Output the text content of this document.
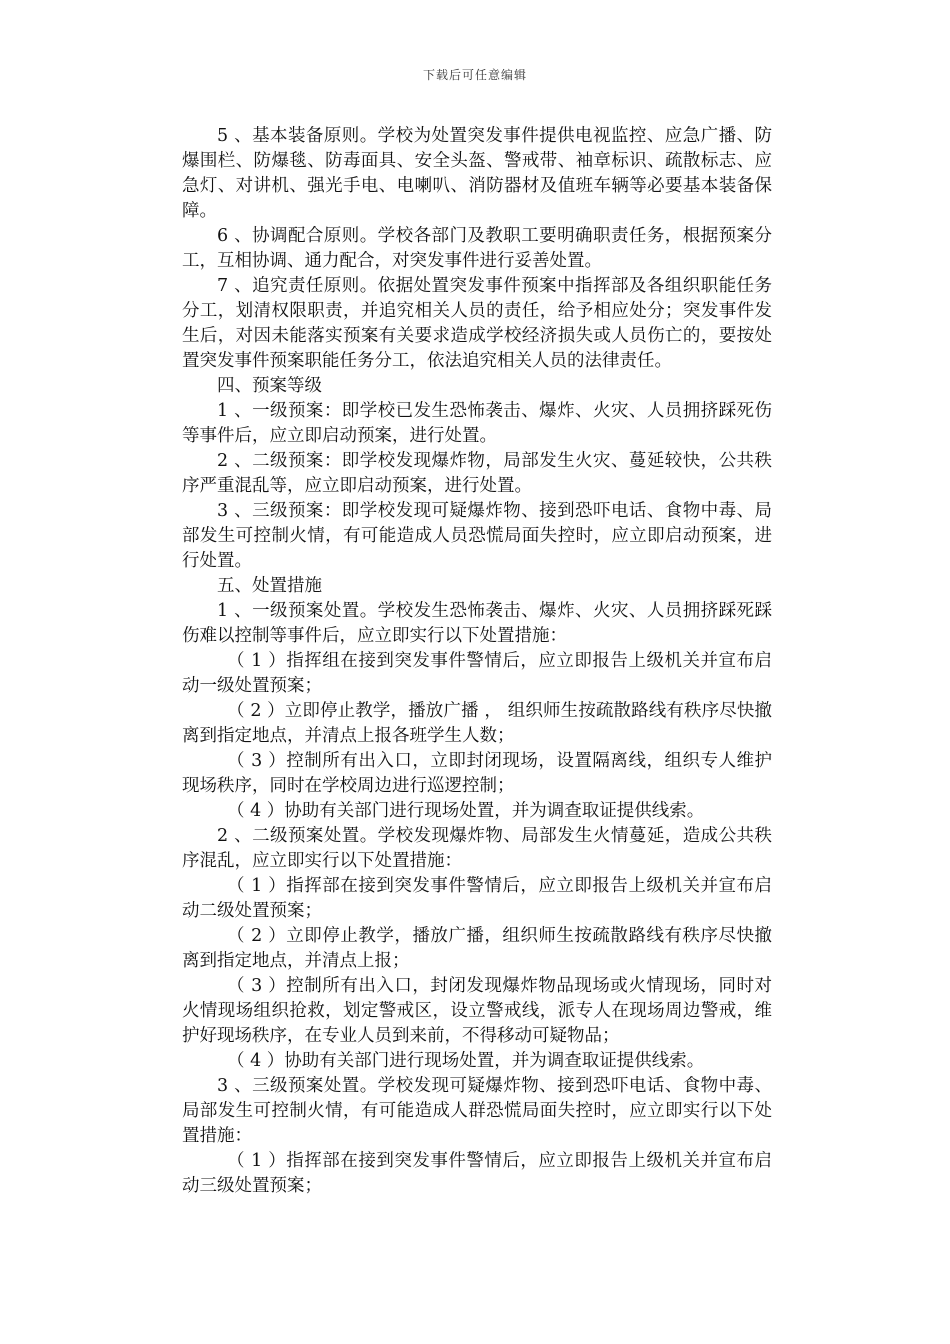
下载后可任意编辑

5 、基本装备原则。学校为处置突发事件提供电视监控、应急广播、防爆围栏、防爆毯、防毒面具、安全头盔、警戒带、袖章标识、疏散标志、应急灯、对讲机、强光手电、电喇叭、消防器材及值班车辆等必要基本装备保障。

6 、协调配合原则。学校各部门及教职工要明确职责任务，根据预案分工，互相协调、通力配合，对突发事件进行妥善处置。

7 、追究责任原则。依据处置突发事件预案中指挥部及各组织职能任务分工，划清权限职责，并追究相关人员的责任，给予相应处分；突发事件发生后，对因未能落实预案有关要求造成学校经济损失或人员伤亡的，要按处置突发事件预案职能任务分工，依法追究相关人员的法律责任。

四、预案等级

1 、一级预案：即学校已发生恐怖袭击、爆炸、火灾、人员拥挤踩死伤等事件后，应立即启动预案，进行处置。

2 、二级预案：即学校发现爆炸物，局部发生火灾、蔓延较快，公共秩序严重混乱等，应立即启动预案，进行处置。

3 、三级预案：即学校发现可疑爆炸物、接到恐吓电话、食物中毒、局部发生可控制火情，有可能造成人员恐慌局面失控时，应立即启动预案，进行处置。

五、处置措施

1 、一级预案处置。学校发生恐怖袭击、爆炸、火灾、人员拥挤踩死踩伤难以控制等事件后，应立即实行以下处置措施：

（ 1 ）指挥组在接到突发事件警情后，应立即报告上级机关并宣布启动一级处置预案；

（ 2 ）立即停止教学，播放广播 ， 组织师生按疏散路线有秩序尽快撤离到指定地点，并清点上报各班学生人数；

（ 3 ）控制所有出入口，立即封闭现场，设置隔离线，组织专人维护现场秩序，同时在学校周边进行巡逻控制；

（ 4 ）协助有关部门进行现场处置，并为调查取证提供线索。

2 、二级预案处置。学校发现爆炸物、局部发生火情蔓延，造成公共秩序混乱，应立即实行以下处置措施：

（ 1 ）指挥部在接到突发事件警情后，应立即报告上级机关并宣布启动二级处置预案；

（ 2 ）立即停止教学，播放广播，组织师生按疏散路线有秩序尽快撤离到指定地点，并清点上报；

（ 3 ）控制所有出入口，封闭发现爆炸物品现场或火情现场，同时对火情现场组织抢救，划定警戒区，设立警戒线，派专人在现场周边警戒，维护好现场秩序，在专业人员到来前，不得移动可疑物品；

（ 4 ）协助有关部门进行现场处置，并为调查取证提供线索。

3 、三级预案处置。学校发现可疑爆炸物、接到恐吓电话、食物中毒、局部发生可控制火情，有可能造成人群恐慌局面失控时，应立即实行以下处置措施：

（ 1 ）指挥部在接到突发事件警情后，应立即报告上级机关并宣布启动三级处置预案；
